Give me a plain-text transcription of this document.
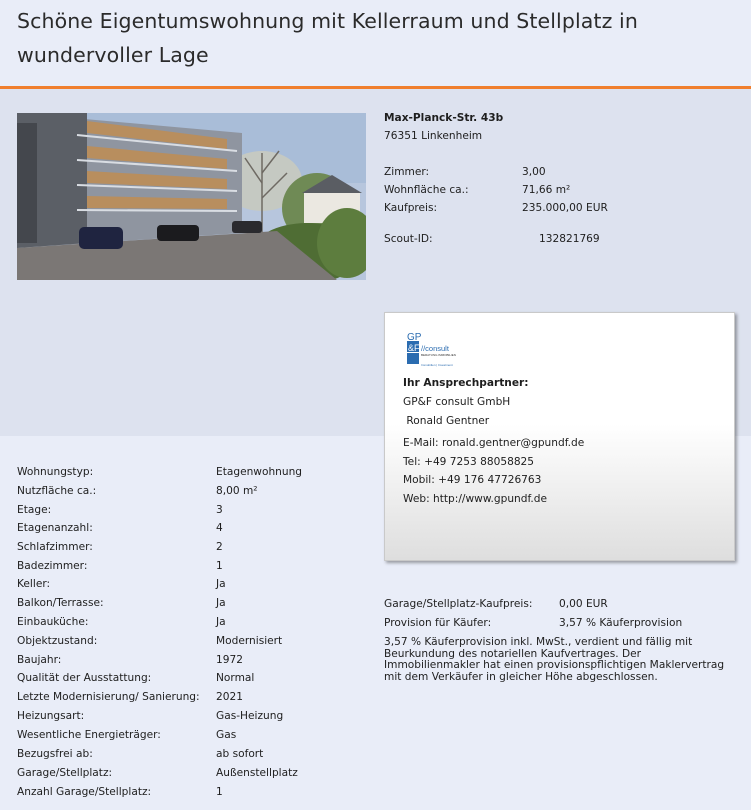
Schöne Eigentumswohnung mit Kellerraum und Stellplatz in wundervoller Lage
Max-Planck-Str. 43b
76351 Linkenheim
Zimmer:	3,00
Wohnfläche ca.:	71,66 m²
Kaufpreis:	235.000,00 EUR
Scout-ID:	132821769
GP
&F //consult
BERATUNG IMMOBILIEN
Immobilien | Investment
Ihr Ansprechpartner:
GP&F consult GmbH
Ronald Gentner
E-Mail: ronald.gentner@gpundf.de
Tel: +49 7253 88058825
Mobil: +49 176 47726763
Web: http://www.gpundf.de
Wohnungstyp:	Etagenwohnung
Nutzfläche ca.:	8,00 m²
Etage:	3
Etagenanzahl:	4
Schlafzimmer:	2
Badezimmer:	1
Keller:	Ja
Balkon/Terrasse:	Ja
Einbauküche:	Ja
Objektzustand:	Modernisiert
Baujahr:	1972
Qualität der Ausstattung:	Normal
Letzte Modernisierung/ Sanierung: 2021
Heizungsart:	Gas-Heizung
Wesentliche Energieträger:	Gas
Bezugsfrei ab:	ab sofort
Garage/Stellplatz:	Außenstellplatz
Anzahl Garage/Stellplatz:	1
Garage/Stellplatz-Kaufpreis:	0,00 EUR
Provision für Käufer:	3,57 % Käuferprovision
3,57 % Käuferprovision inkl. MwSt., verdient und fällig mit Beurkundung des notariellen Kaufvertrages. Der Immobilienmakler hat einen provisionspflichtigen Maklervertrag mit dem Verkäufer in gleicher Höhe abgeschlossen.
